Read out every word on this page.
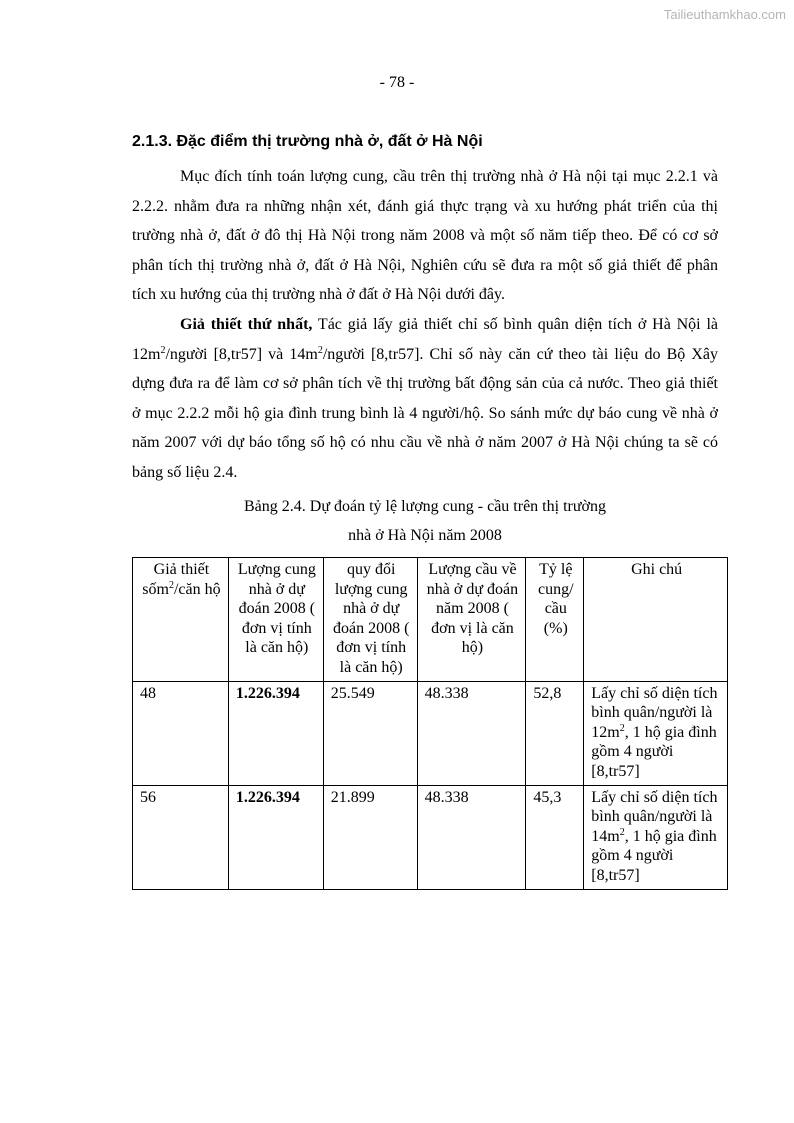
Tailieuthamkhao.com
- 78 -
2.1.3. Đặc điểm thị trường nhà ở, đất ở Hà Nội

Mục đích tính toán lượng cung, cầu trên thị trường nhà ở Hà nội tại mục 2.2.1 và 2.2.2. nhằm đưa ra những nhận xét, đánh giá thực trạng và xu hướng phát triển của thị trường nhà ở, đất ở đô thị Hà Nội trong năm 2008 và một số năm tiếp theo. Để có cơ sở phân tích thị trường nhà ở, đất ở Hà Nội, Nghiên cứu sẽ đưa ra một số giả thiết để phân tích xu hướng của thị trường nhà ở đất ở Hà Nội dưới đây.

Giả thiết thứ nhất, Tác giả lấy giả thiết chỉ số bình quân diện tích ở Hà Nội là $12m^2$/người [8,tr57] và $14m^2$/người [8,tr57]. Chỉ số này căn cứ theo tài liệu do Bộ Xây dựng đưa ra để làm cơ sở phân tích về thị trường bất động sản của cả nước. Theo giả thiết ở mục 2.2.2 mỗi hộ gia đình trung bình là 4 người/hộ. So sánh mức dự báo cung về nhà ở năm 2007 với dự báo tổng số hộ có nhu cầu về nhà ở năm 2007 ở Hà Nội chúng ta sẽ có bảng số liệu 2.4.

Bảng 2.4. Dự đoán tỷ lệ lượng cung - cầu trên thị trường
nhà ở Hà Nội năm 2008
Giả thiết sốm$^2$/căn hộ	Lượng cung nhà ở dự đoán 2008 ( đơn vị tính là căn hộ)	quy đổi lượng cung nhà ở dự đoán 2008 ( đơn vị tính là căn hộ)	Lượng cầu về nhà ở dự đoán năm 2008 ( đơn vị là căn hộ)	Tỷ lệ cung/ cầu (%)	Ghi chú
48	1.226.394	25.549	48.338	52,8	Lấy chỉ số diện tích bình quân/người là $12m^2$, 1 hộ gia đình gồm 4 người [8,tr57]
56	1.226.394	21.899	48.338	45,3	Lấy chỉ số diện tích bình quân/người là $14m^2$, 1 hộ gia đình gồm 4 người [8,tr57]
